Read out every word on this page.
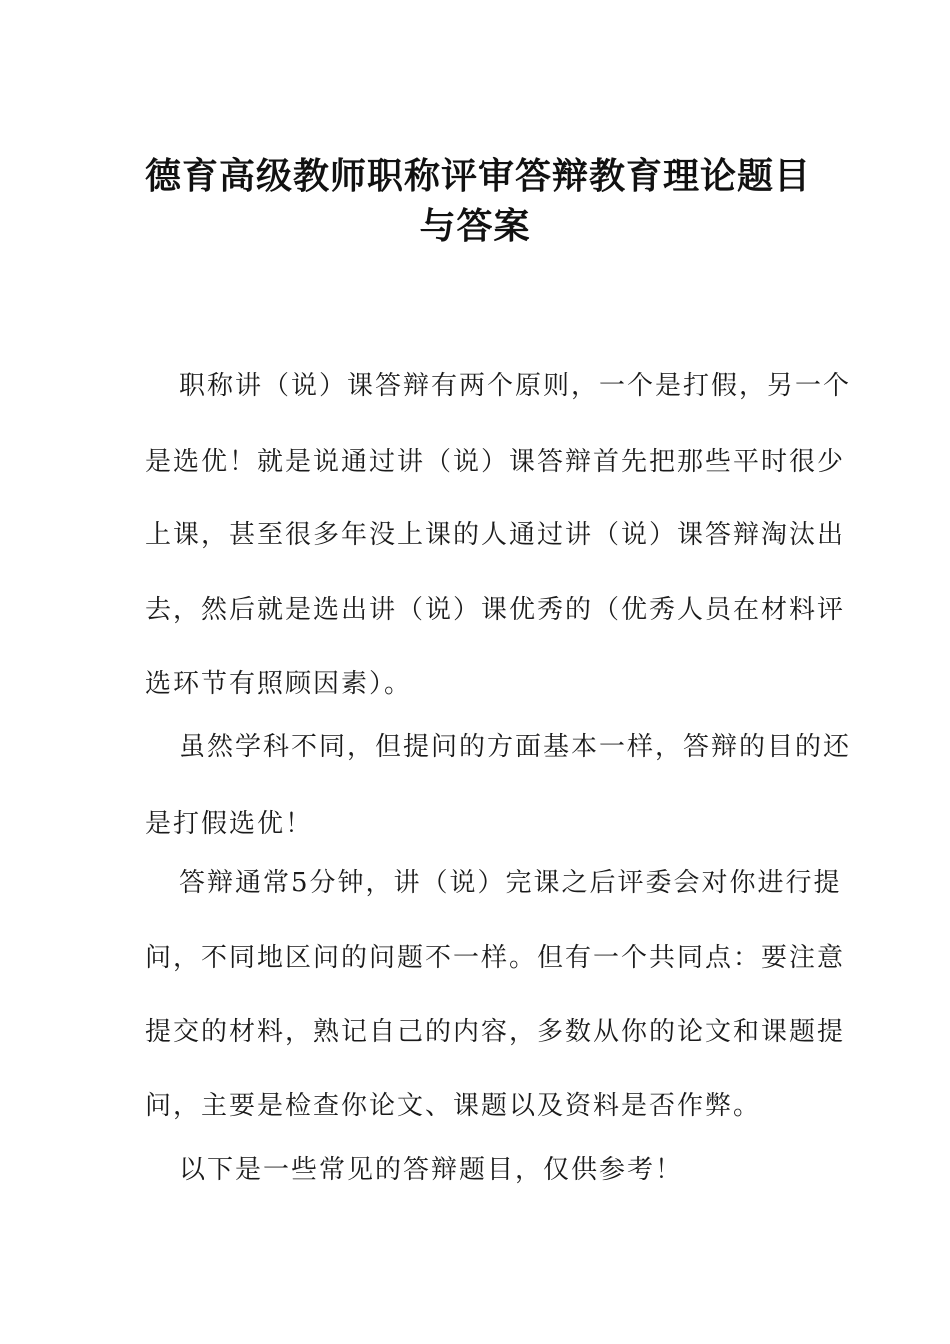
德育高级教师职称评审答辩教育理论题目
与答案
职称讲（说）课答辩有两个原则，一个是打假，另一个
是选优！就是说通过讲（说）课答辩首先把那些平时很少
上课，甚至很多年没上课的人通过讲（说）课答辩淘汰出
去，然后就是选出讲（说）课优秀的（优秀人员在材料评
选环节有照顾因素）。
虽然学科不同，但提问的方面基本一样，答辩的目的还
是打假选优！
答辩通常5分钟，讲（说）完课之后评委会对你进行提
问，不同地区问的问题不一样。但有一个共同点：要注意
提交的材料，熟记自己的内容，多数从你的论文和课题提
问，主要是检查你论文、课题以及资料是否作弊。
以下是一些常见的答辩题目，仅供参考！
